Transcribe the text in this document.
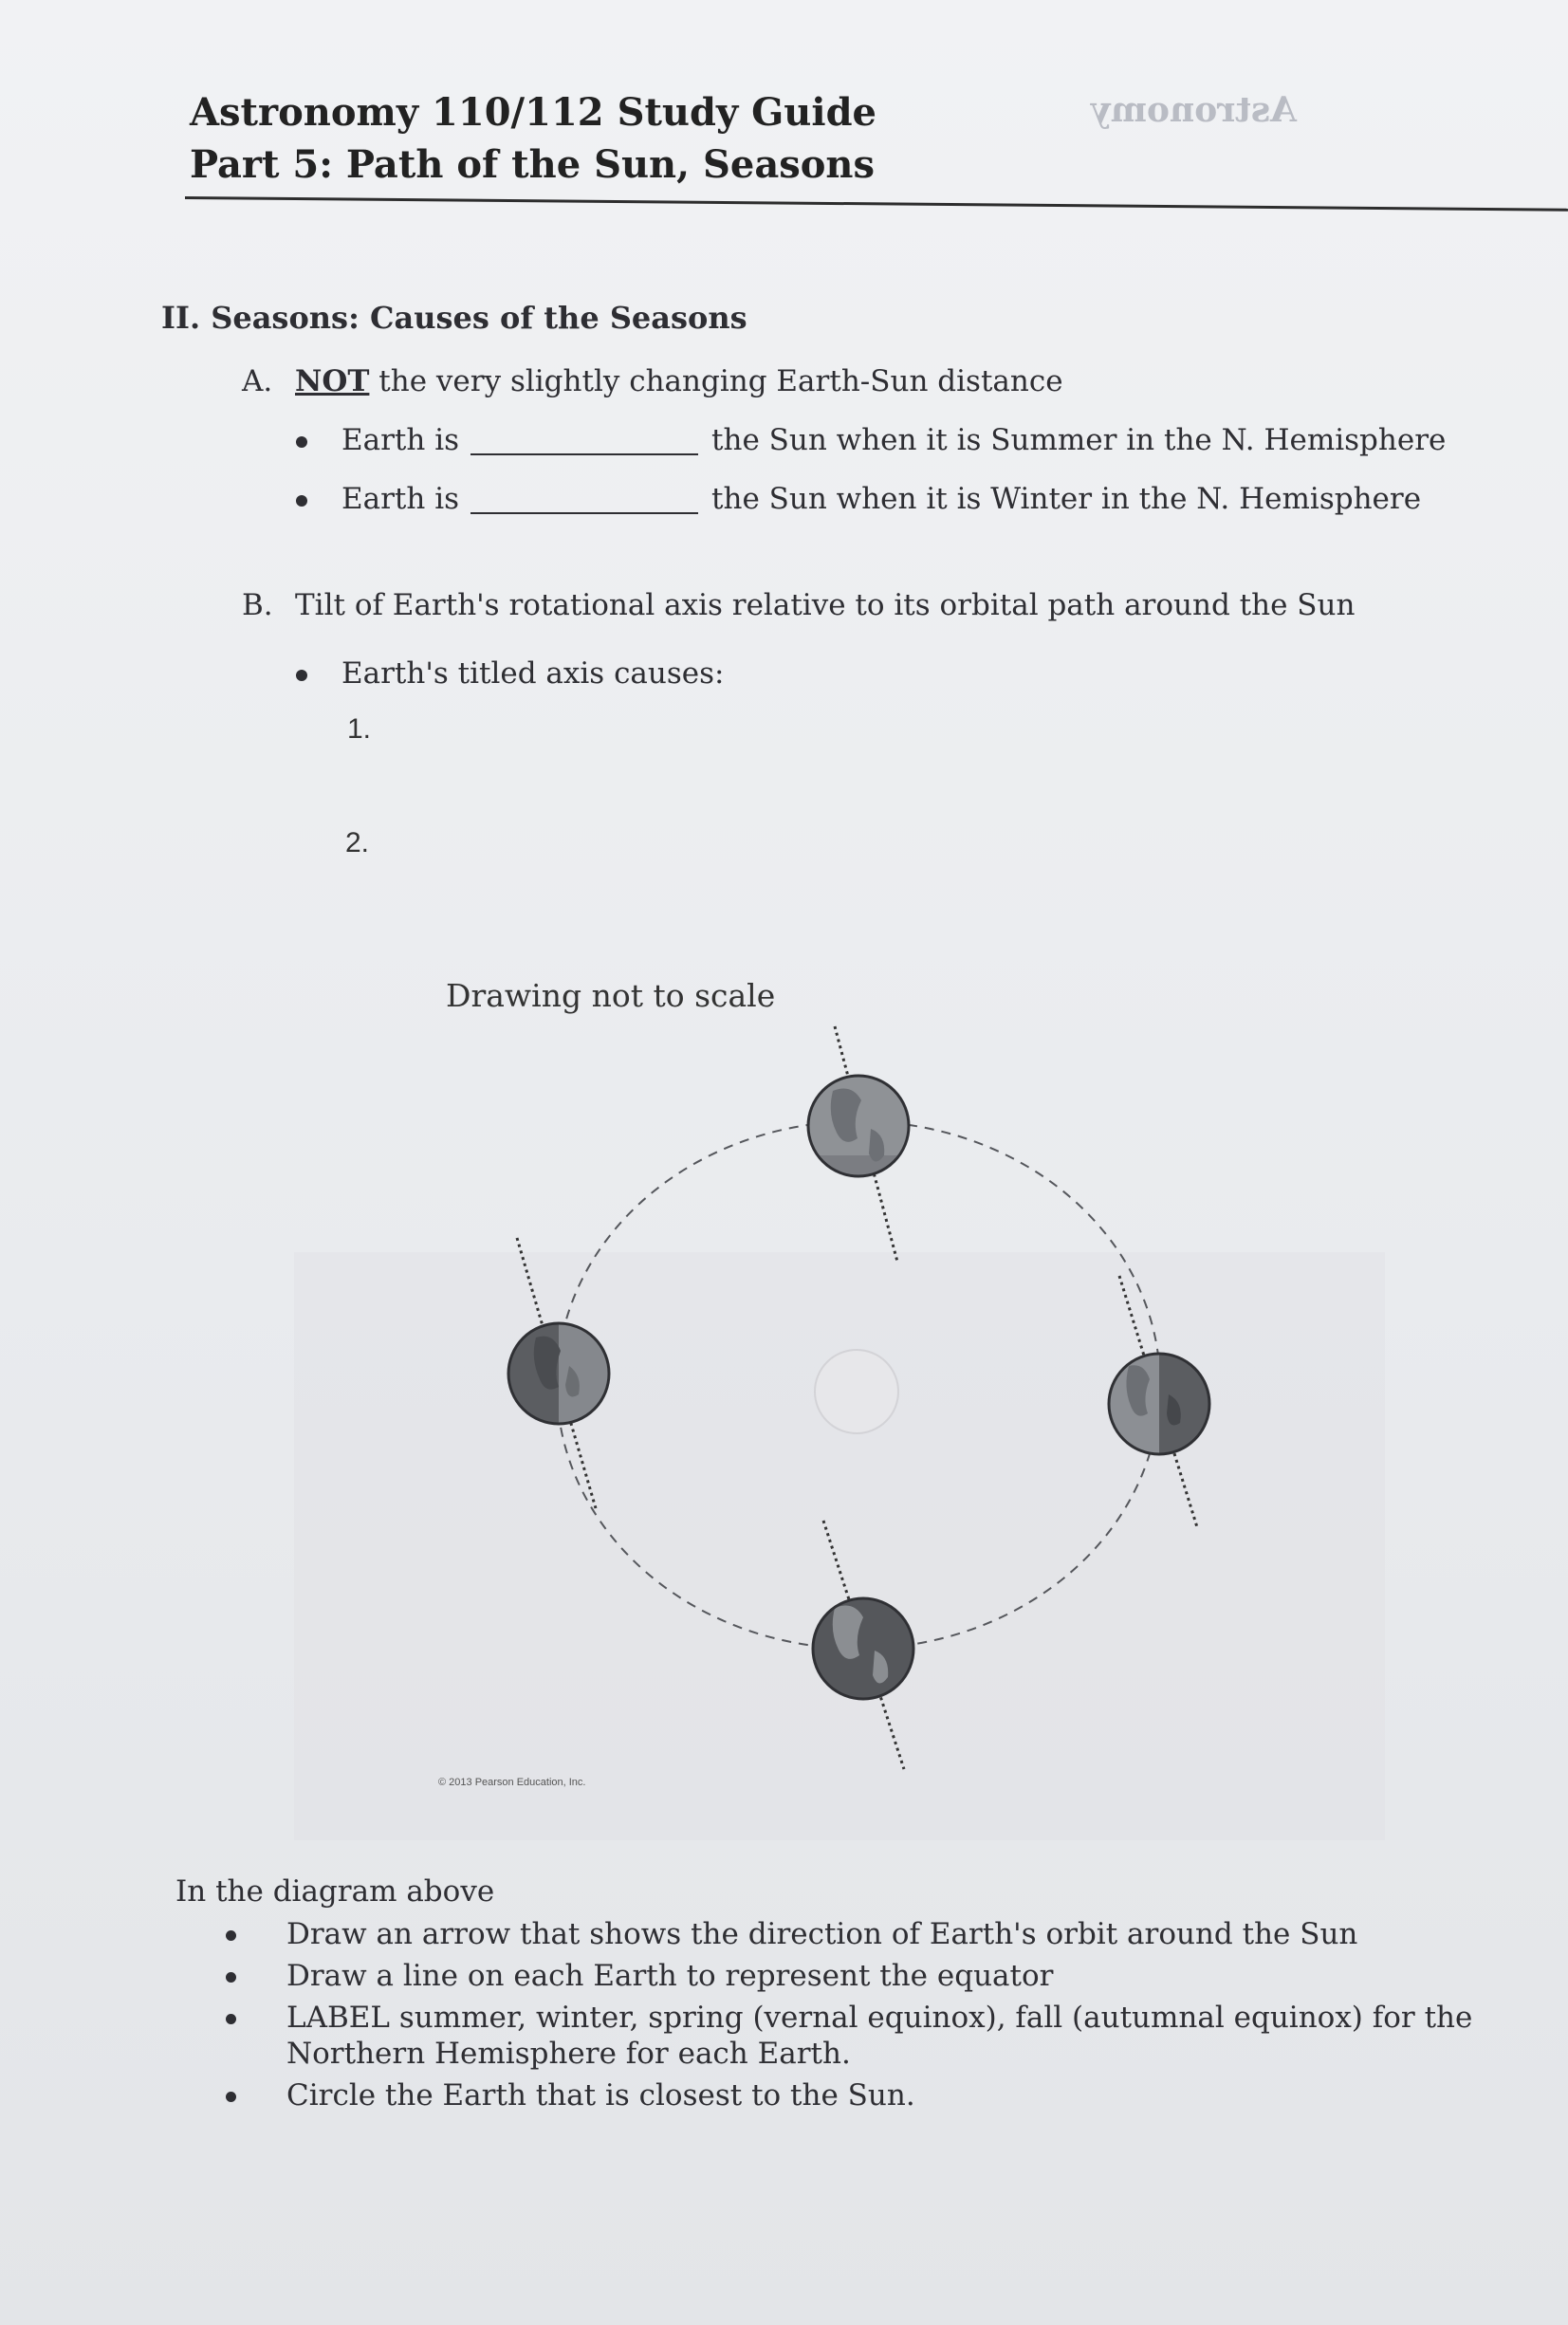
Astronomy
Astronomy 110/112 Study Guide
Part 5: Path of the Sun, Seasons
II. Seasons: Causes of the Seasons
A. NOT the very slightly changing Earth-Sun distance
Earth is	the Sun when it is Summer in the N. Hemisphere
Earth is	the Sun when it is Winter in the N. Hemisphere
B. Tilt of Earth's rotational axis relative to its orbital path around the Sun
Earth's titled axis causes:
1.
2.
Drawing not to scale
© 2013 Pearson Education, Inc.
In the diagram above
Draw an arrow that shows the direction of Earth's orbit around the Sun
Draw a line on each Earth to represent the equator
LABEL summer, winter, spring (vernal equinox), fall (autumnal equinox) for the Northern Hemisphere for each Earth.
Circle the Earth that is closest to the Sun.
